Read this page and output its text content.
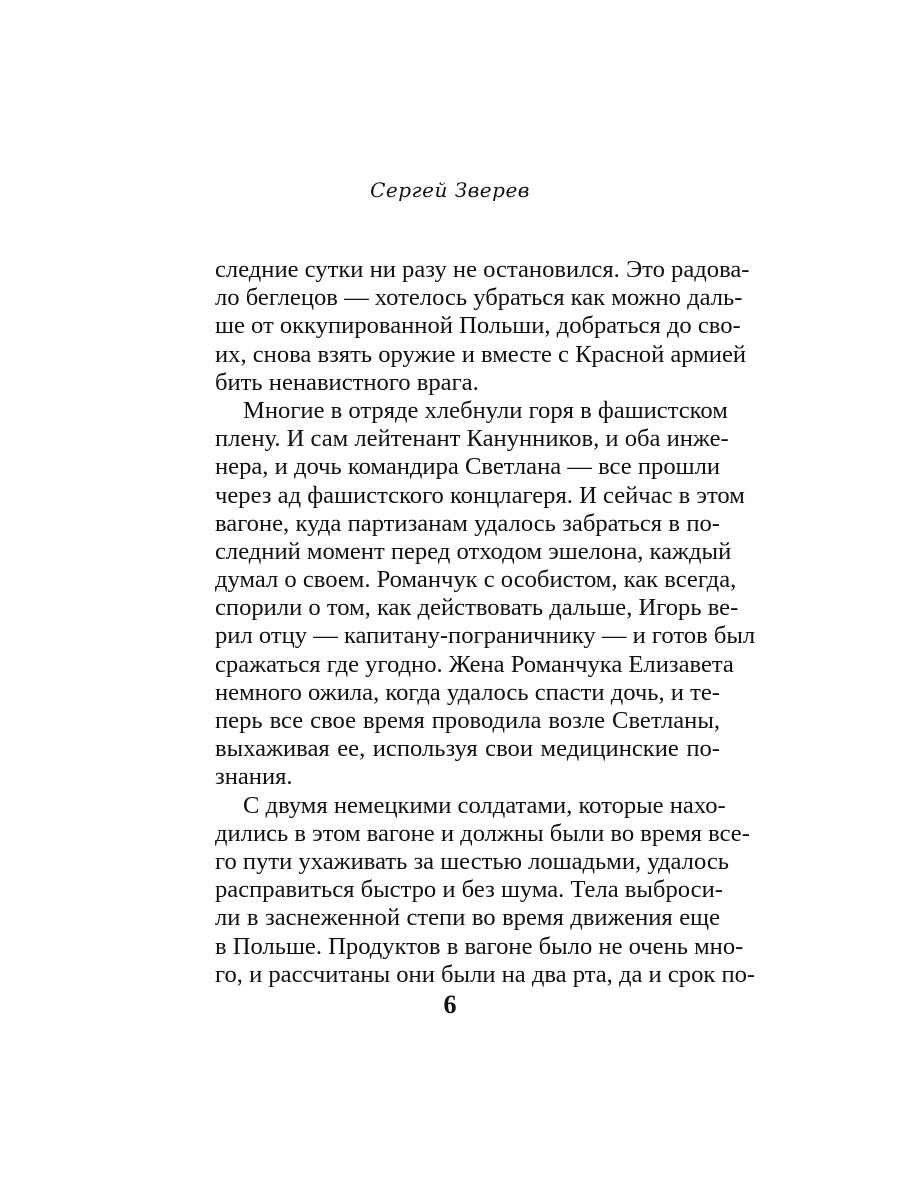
Сергей Зверев
следние сутки ни разу не остановился. Это радова-
ло беглецов — хотелось убраться как можно даль-
ше от оккупированной Польши, добраться до сво-
их, снова взять оружие и вместе с Красной армией
бить ненавистного врага.
Многие в отряде хлебнули горя в фашистском
плену. И сам лейтенант Канунников, и оба инже-
нера, и дочь командира Светлана — все прошли
через ад фашистского концлагеря. И сейчас в этом
вагоне, куда партизанам удалось забраться в по-
следний момент перед отходом эшелона, каждый
думал о своем. Романчук с особистом, как всегда,
спорили о том, как действовать дальше, Игорь ве-
рил отцу — капитану-пограничнику — и готов был
сражаться где угодно. Жена Романчука Елизавета
немного ожила, когда удалось спасти дочь, и те-
перь все свое время проводила возле Светланы,
выхаживая ее, используя свои медицинские по-
знания.
С двумя немецкими солдатами, которые нахо-
дились в этом вагоне и должны были во время все-
го пути ухаживать за шестью лошадьми, удалось
расправиться быстро и без шума. Тела выброси-
ли в заснеженной степи во время движения еще
в Польше. Продуктов в вагоне было не очень мно-
го, и рассчитаны они были на два рта, да и срок по-
6
